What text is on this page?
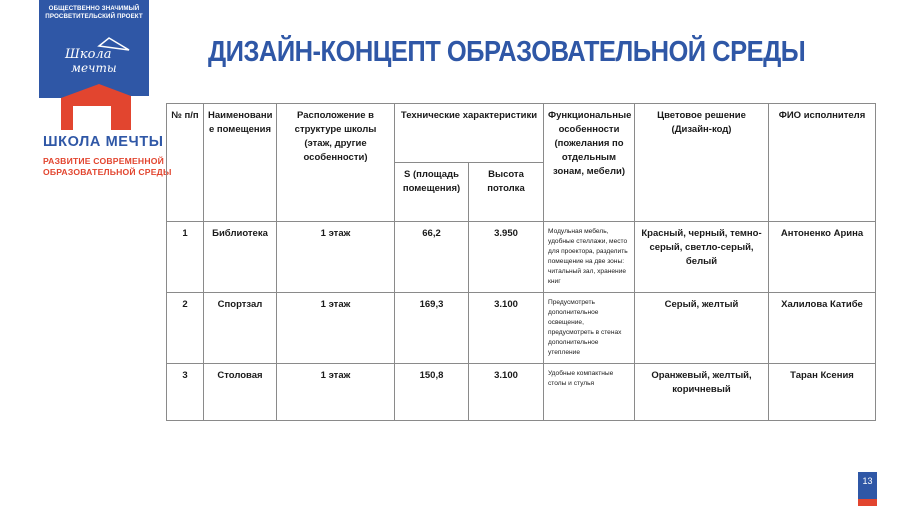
ОБЩЕСТВЕННО ЗНАЧИМЫЙ ПРОСВЕТИТЕЛЬСКИЙ ПРОЕКТ
Школа
мечты
ШКОЛА МЕЧТЫ
РАЗВИТИЕ СОВРЕМЕННОЙ
ОБРАЗОВАТЕЛЬНОЙ СРЕДЫ
ДИЗАЙН-КОНЦЕПТ ОБРАЗОВАТЕЛЬНОЙ СРЕДЫ
№ п/п	Наименовани е помещения	Расположение в структуре школы (этаж, другие особенности)	Технические характеристики		Функциональные особенности (пожелания по отдельным зонам, мебели)	Цветовое решение (Дизайн-код)	ФИО исполнителя
			S (площадь помещения)	Высота потолка			
1	Библиотека	1 этаж	66,2	3.950	Модульная мебель, удобные стеллажи, место для проектора, разделить помещение на две зоны: читальный зал, хранение книг	Красный, черный, темно-серый, светло-серый, белый	Антоненко Арина
2	Спортзал	1 этаж	169,3	3.100	Предусмотреть дополнительное освещение, предусмотреть в стенах дополнительное утепление	Серый, желтый	Халилова Катибе
3	Столовая	1 этаж	150,8	3.100	Удобные компактные столы и стулья	Оранжевый, желтый, коричневый	Таран Ксения
13
